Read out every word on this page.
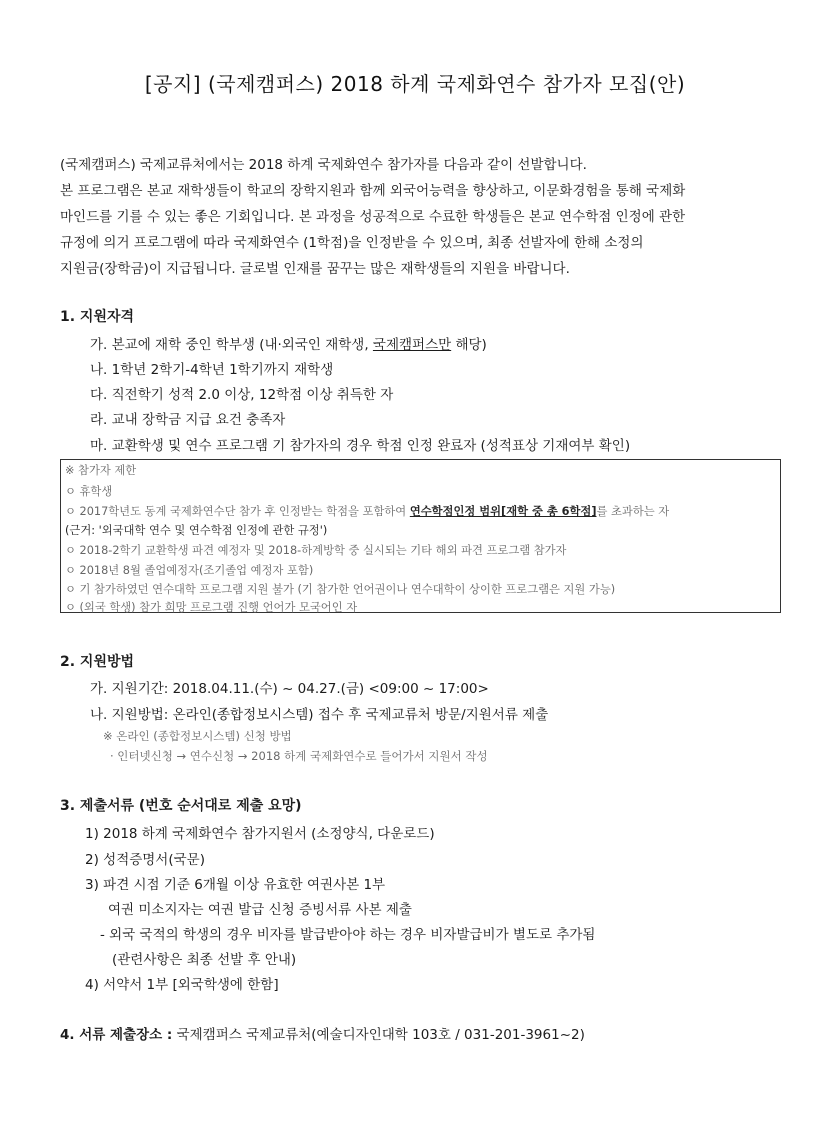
[공지] (국제캠퍼스) 2018 하계 국제화연수 참가자 모집(안)
(국제캠퍼스) 국제교류처에서는 2018 하계 국제화연수 참가자를 다음과 같이 선발합니다.
본 프로그램은 본교 재학생들이 학교의 장학지원과 함께 외국어능력을 향상하고, 이문화경험을 통해 국제화
마인드를 기를 수 있는 좋은 기회입니다. 본 과정을 성공적으로 수료한 학생들은 본교 연수학점 인정에 관한
규정에 의거 프로그램에 따라 국제화연수 (1학점)을 인정받을 수 있으며, 최종 선발자에 한해 소정의
지원금(장학금)이 지급됩니다. 글로벌 인재를 꿈꾸는 많은 재학생들의 지원을 바랍니다.
1. 지원자격
가. 본교에 재학 중인 학부생 (내·외국인 재학생, 국제캠퍼스만 해당)
나. 1학년 2학기-4학년 1학기까지 재학생
다. 직전학기 성적 2.0 이상, 12학점 이상 취득한 자
라. 교내 장학금 지급 요건 충족자
마. 교환학생 및 연수 프로그램 기 참가자의 경우 학점 인정 완료자 (성적표상 기재여부 확인)
※ 참가자 제한
ㅇ 휴학생
ㅇ 2017학년도 동계 국제화연수단 참가 후 인정받는 학점을 포함하여 연수학점인정 범위[재학 중 총 6학점]를 초과하는 자
(근거: '외국대학 연수 및 연수학점 인정에 관한 규정')
ㅇ 2018-2학기 교환학생 파견 예정자 및 2018-하계방학 중 실시되는 기타 해외 파견 프로그램 참가자
ㅇ 2018년 8월 졸업예정자(조기졸업 예정자 포함)
ㅇ 기 참가하였던 연수대학 프로그램 지원 불가 (기 참가한 언어권이나 연수대학이 상이한 프로그램은 지원 가능)
ㅇ (외국 학생) 참가 희망 프로그램 진행 언어가 모국어인 자
2. 지원방법
가. 지원기간: 2018.04.11.(수) ~ 04.27.(금) <09:00 ~ 17:00>
나. 지원방법: 온라인(종합정보시스템) 접수 후 국제교류처 방문/지원서류 제출
※ 온라인 (종합정보시스템) 신청 방법
· 인터넷신청 → 연수신청 → 2018 하계 국제화연수로 들어가서 지원서 작성
3. 제출서류 (번호 순서대로 제출 요망)
1) 2018 하계 국제화연수 참가지원서 (소정양식, 다운로드)
2) 성적증명서(국문)
3) 파견 시점 기준 6개월 이상 유효한 여권사본 1부
여권 미소지자는 여권 발급 신청 증빙서류 사본 제출
- 외국 국적의 학생의 경우 비자를 발급받아야 하는 경우 비자발급비가 별도로 추가됨
(관련사항은 최종 선발 후 안내)
4) 서약서 1부 [외국학생에 한함]
4. 서류 제출장소 : 국제캠퍼스 국제교류처(예술디자인대학 103호 / 031-201-3961~2)
